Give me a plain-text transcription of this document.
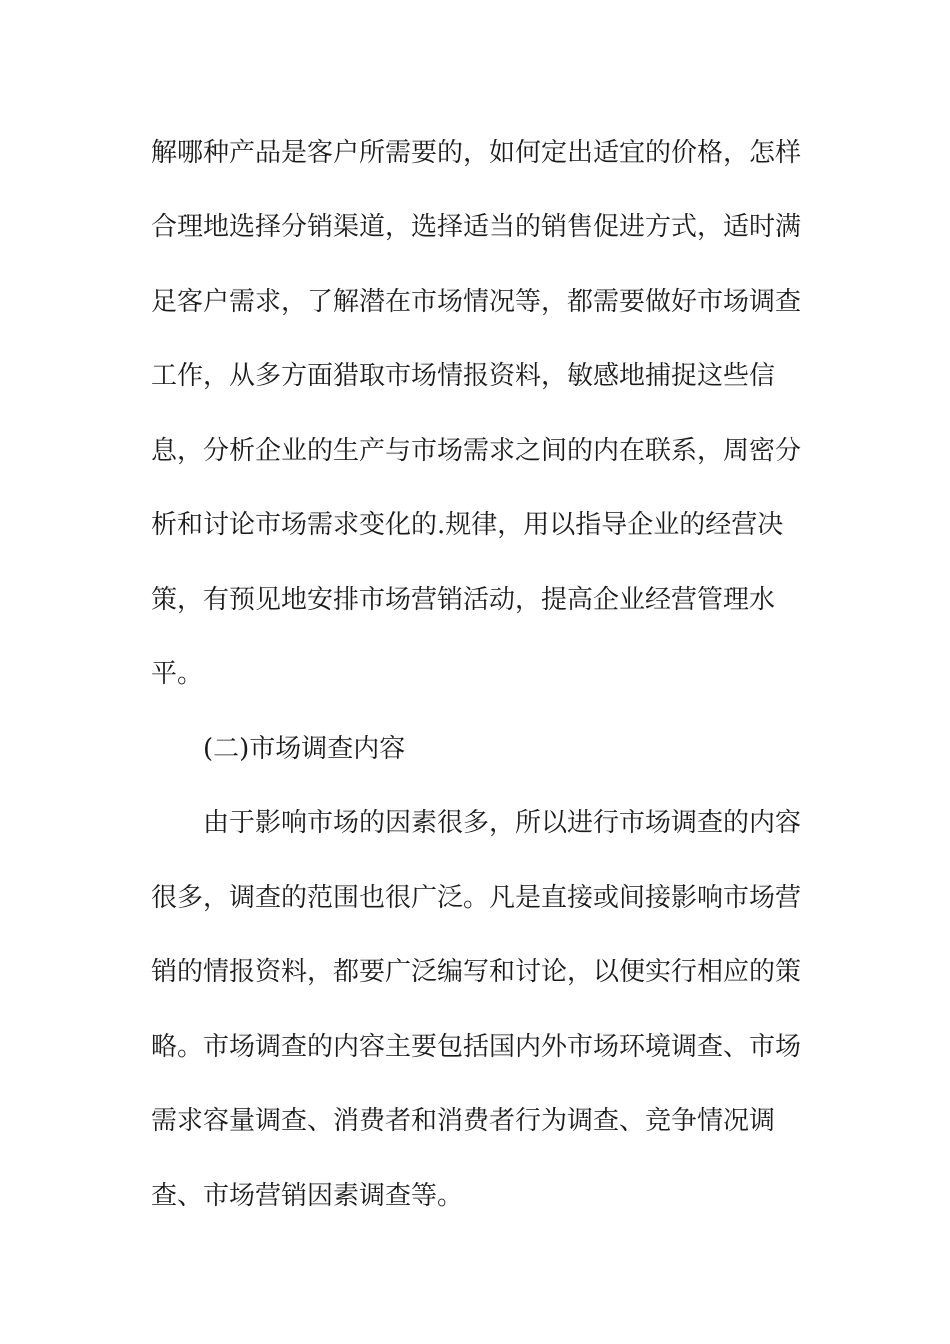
解哪种产品是客户所需要的，如何定出适宜的价格，怎样
合理地选择分销渠道，选择适当的销售促进方式，适时满
足客户需求，了解潜在市场情况等，都需要做好市场调查
工作，从多方面猎取市场情报资料，敏感地捕捉这些信
息，分析企业的生产与市场需求之间的内在联系，周密分
析和讨论市场需求变化的.规律，用以指导企业的经营决
策，有预见地安排市场营销活动，提高企业经营管理水
平。
(二)市场调查内容
由于影响市场的因素很多，所以进行市场调查的内容
很多，调查的范围也很广泛。凡是直接或间接影响市场营
销的情报资料，都要广泛编写和讨论，以便实行相应的策
略。市场调查的内容主要包括国内外市场环境调查、市场
需求容量调查、消费者和消费者行为调查、竞争情况调
查、市场营销因素调查等。
